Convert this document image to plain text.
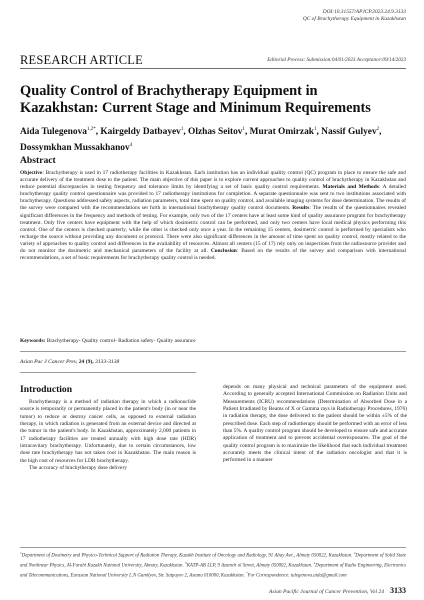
DOI:10.31557/APJCP.2023.24.9.3133
QC of Brachytherapy Equipment in Kazakhstan
RESEARCH ARTICLE	Editorial Process: Submission:04/01/2023 Acceptance:09/14/2023
Quality Control of Brachytherapy Equipment in Kazakhstan: Current Stage and Minimum Requirements
Aida Tulegenova$^{1,2*}$, Kairgeldy Datbayev$^1$, Olzhas Seitov$^1$, Murat Omirzak$^1$, Nassif Gulyev$^2$, Dossymkhan Mussakhanov$^4$
Abstract
Objective: Brachytherapy is used in 17 radiotherapy facilities in Kazakhstan. Each institution has an individual quality control (QC) program in place to ensure the safe and accurate delivery of the treatment dose to the patient. The main objective of this paper is to explore current approaches to quality control of brachytherapy in Kazakhstan and reduce potential discrepancies in testing frequency and tolerance limits by identifying a set of basic quality control requirements. Materials and Methods: A detailed brachytherapy quality control questionnaire was provided to 17 radiotherapy institutions for completion. A separate questionnaire was sent to two institutions associated with brachytherapy. Questions addressed safety aspects, radiation parameters, total time spent on quality control, and available imaging systems for dose determination. The results of the survey were compared with the recommendations set forth in international brachytherapy quality control documents. Results: The results of the questionnaires revealed significant differences in the frequency and methods of testing. For example, only two of the 17 centers have at least some kind of quality assurance program for brachytherapy treatment. Only five centers have equipment with the help of which dosimetric control can be performed, and only two centers have local medical physics performing this control. One of the centers is checked quarterly, while the other is checked only once a year. In the remaining 15 centers, dosimetric control is performed by specialists who recharge the source without providing any document or protocol. There were also significant differences in the amount of time spent on quality control, mostly related to the variety of approaches to quality control and differences in the availability of resources. Almost all centers (15 of 17) rely only on inspections from the radiosource provider and do not monitor the dosimetric and mechanical parameters of the facility at all. Conclusion: Based on the results of the survey and comparison with international recommendations, a set of basic requirements for brachytherapy quality control is needed.
Keywords: Brachytherapy- Quality control- Radiation safety- Quality assurance
Asian Pac J Cancer Prev, 24 (9), 3133-3138
Introduction

Brachytherapy is a method of radiation therapy in which a radionuclide source is temporarily or permanently placed in the patient's body (in or near the tumor) to reduce or destroy cancer cells, as opposed to external radiation therapy, in which radiation is generated from an external device and directed at the tumor in the patient's body. In Kazakhstan, approximately 2,000 patients in 17 radiotherapy facilities are treated annually with high dose rate (HDR) intracavitary brachytherapy. Unfortunately, due to certain circumstances, low dose rate brachytherapy has not taken root in Kazakhstan. The main reason is the high cost of resources for LDR brachytherapy.

The accuracy of brachytherapy dose delivery

depends on many physical and technical parameters of the equipment used. According to generally accepted International Commission on Radiation Units and Measurements (ICRU) recommendations (Determination of Absorbed Dose in a Patient Irradiated by Beams of X or Gamma rays in Radiotherapy Procedures, 1976) in radiation therapy, the dose delivered to the patient should be within ±5% of the prescribed dose. Each step of radiotherapy should be performed with an error of less than 5%. A quality control program should be developed to ensure safe and accurate application of treatment and to prevent accidental overexposures. The goal of the quality control program is to maximize the likelihood that each individual treatment accurately meets the clinical intent of the radiation oncologist and that it is performed in a manner

$^1$Department of Dosimetry and Physico-Technical Support of Radiation Therapy, Kazakh Institute of Oncology and Radiology, 91 Abay Ave., Almaty 050022, Kazakhstan. $^2$Department of Solid State and Nonlinear Physics, Al-Farabi Kazakh National University, Almaty, Kazakhstan. $^3$KATP-AB LLP, 9 Azamch ol Street, Almaty 050002, Kazakhstan. $^4$Department of Radio Engineering, Electronics and Telecommunications, Eurasian National University L.N Gumilyov, Str. Satpayev 2, Astana 010000, Kazakhstan. *For Correspondence: tulegenova.aida@gmail.com
Asian Pacific Journal of Cancer Prevention, Vol 24 3133
